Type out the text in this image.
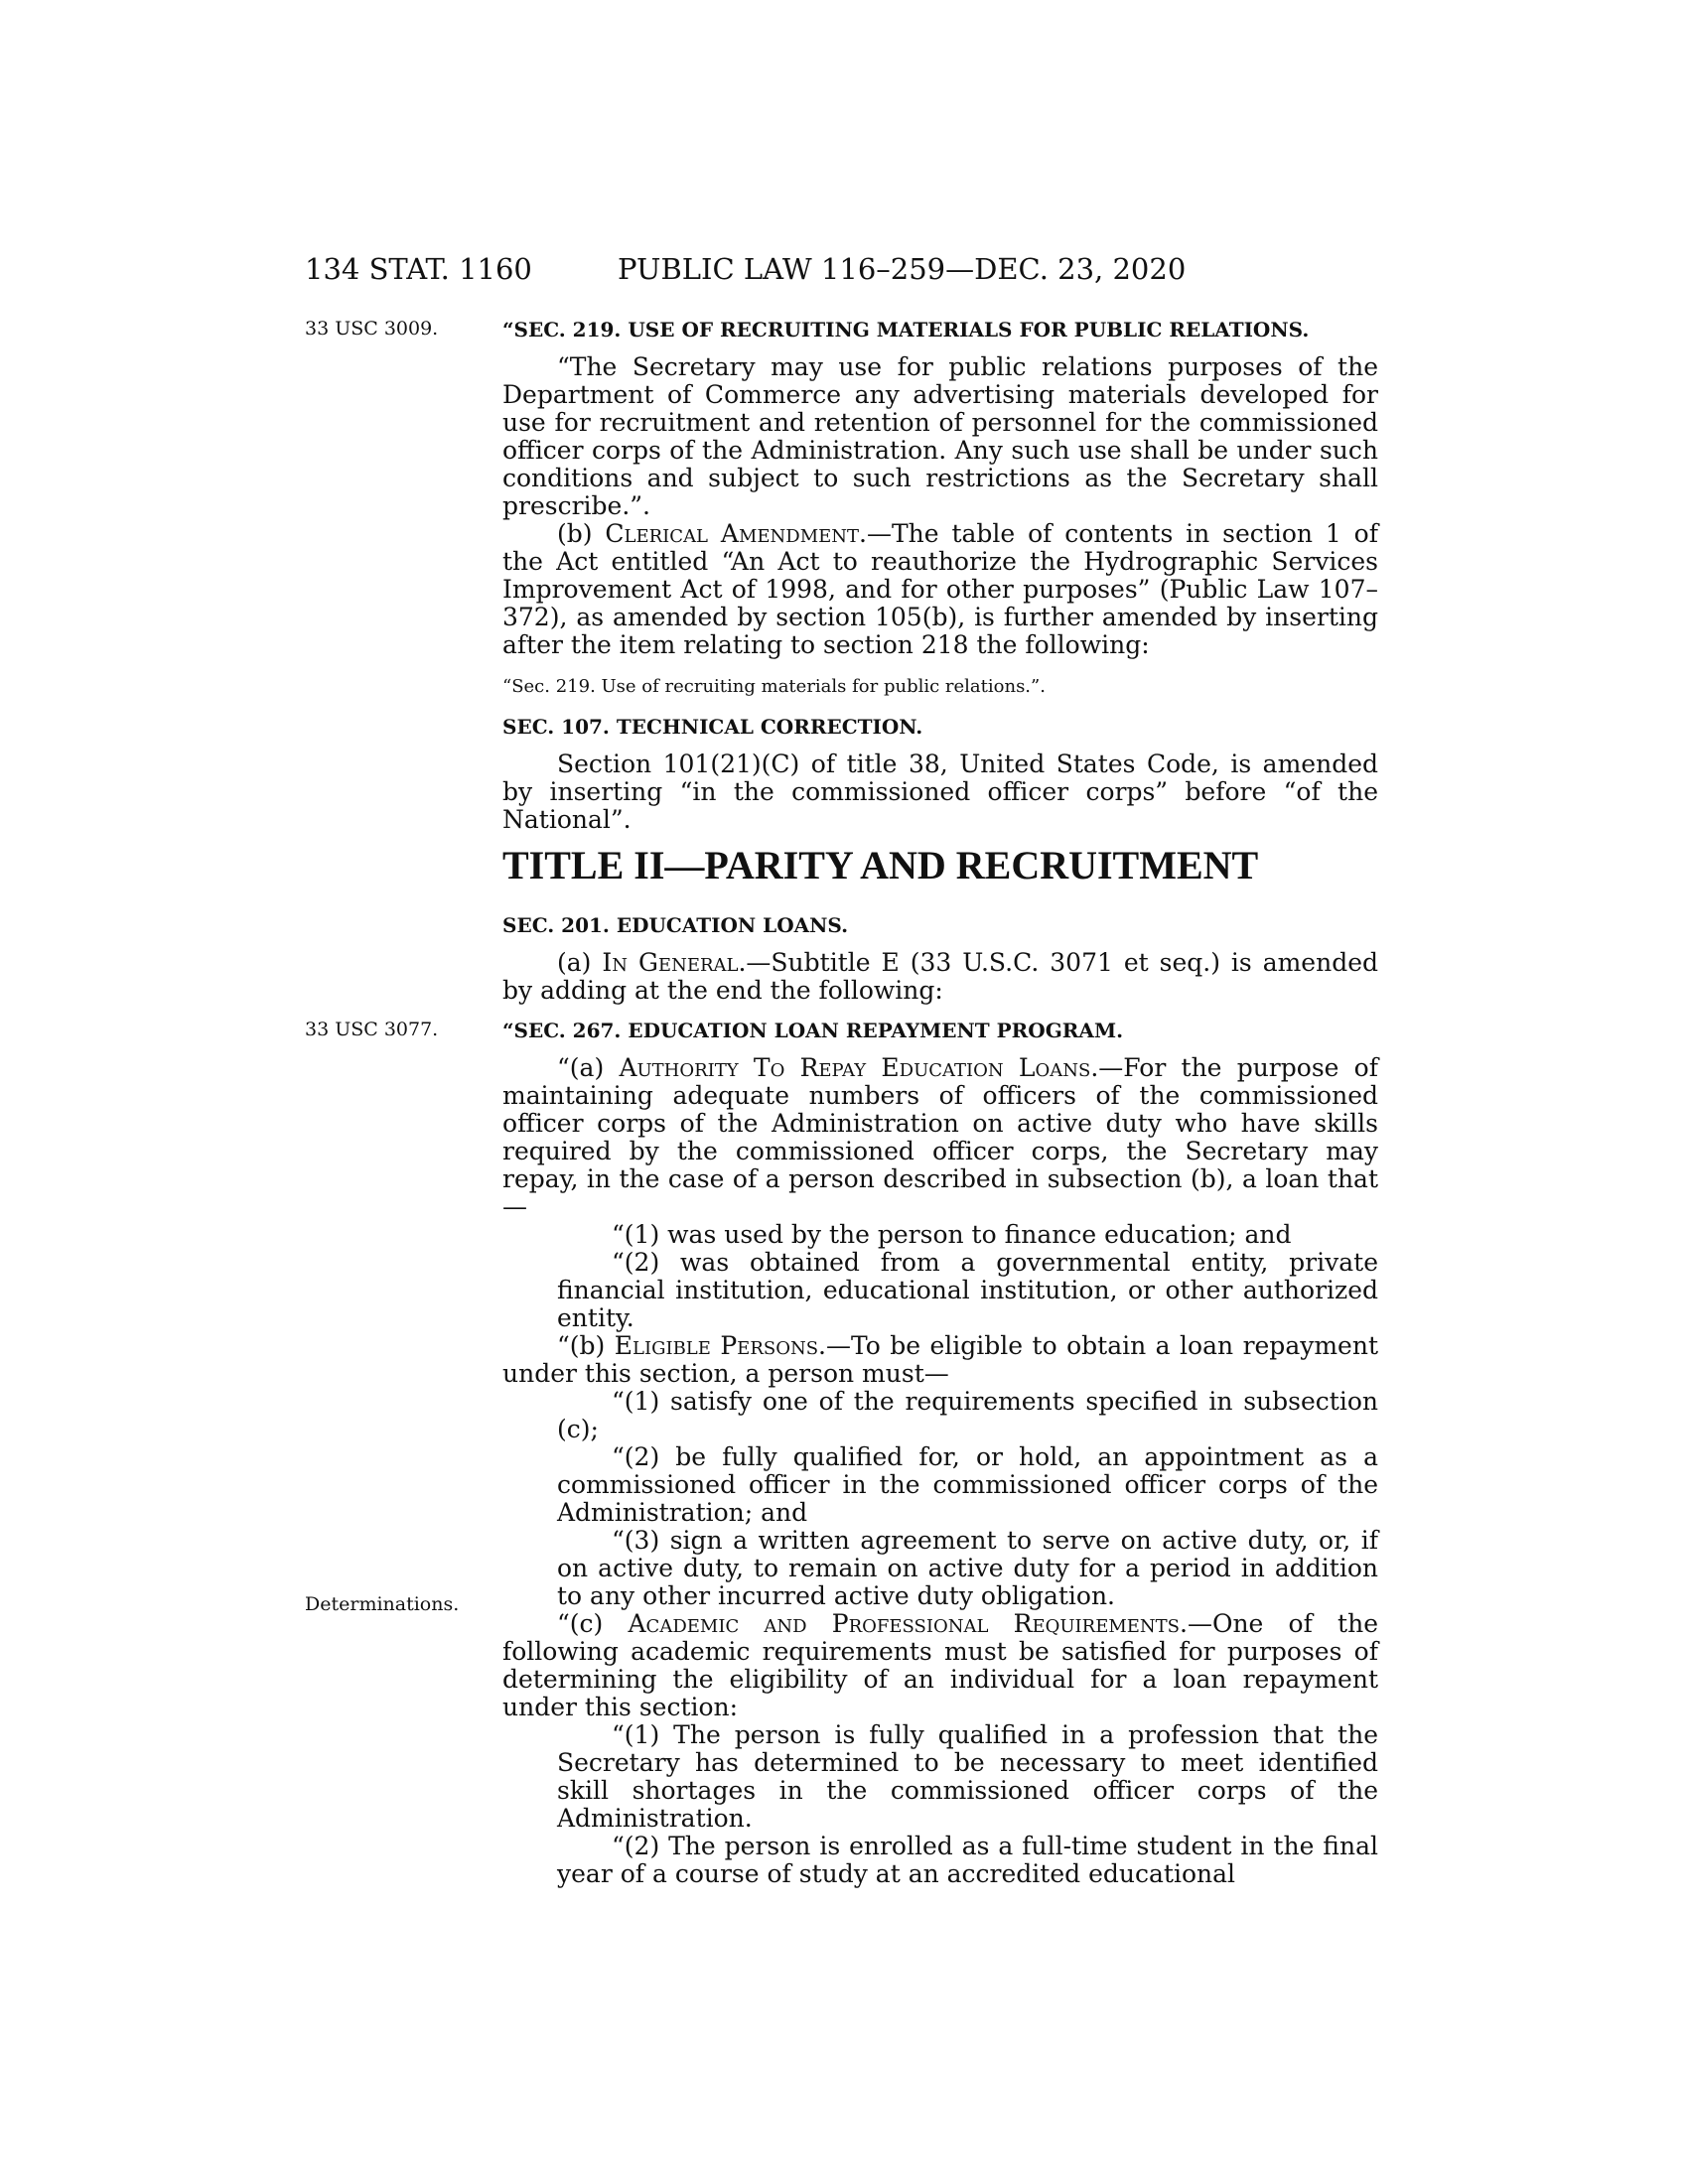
134 STAT. 1160	PUBLIC LAW 116–259—DEC. 23, 2020
33 USC 3009.
33 USC 3077.
Determinations.

“SEC. 219. USE OF RECRUITING MATERIALS FOR PUBLIC RELATIONS.

“The Secretary may use for public relations purposes of the Department of Commerce any advertising materials developed for use for recruitment and retention of personnel for the commissioned officer corps of the Administration. Any such use shall be under such conditions and subject to such restrictions as the Secretary shall prescribe.”.

(b) Clerical Amendment.—The table of contents in section 1 of the Act entitled “An Act to reauthorize the Hydrographic Services Improvement Act of 1998, and for other purposes” (Public Law 107–372), as amended by section 105(b), is further amended by inserting after the item relating to section 218 the following:

“Sec. 219. Use of recruiting materials for public relations.”.

SEC. 107. TECHNICAL CORRECTION.

Section 101(21)(C) of title 38, United States Code, is amended by inserting “in the commissioned officer corps” before “of the National”.

TITLE II—PARITY AND RECRUITMENT

SEC. 201. EDUCATION LOANS.

(a) In General.—Subtitle E (33 U.S.C. 3071 et seq.) is amended by adding at the end the following:

“SEC. 267. EDUCATION LOAN REPAYMENT PROGRAM.

“(a) Authority To Repay Education Loans.—For the purpose of maintaining adequate numbers of officers of the commissioned officer corps of the Administration on active duty who have skills required by the commissioned officer corps, the Secretary may repay, in the case of a person described in subsection (b), a loan that—

“(1) was used by the person to finance education; and

“(2) was obtained from a governmental entity, private financial institution, educational institution, or other authorized entity.

“(b) Eligible Persons.—To be eligible to obtain a loan repayment under this section, a person must—

“(1) satisfy one of the requirements specified in subsection (c);

“(2) be fully qualified for, or hold, an appointment as a commissioned officer in the commissioned officer corps of the Administration; and

“(3) sign a written agreement to serve on active duty, or, if on active duty, to remain on active duty for a period in addition to any other incurred active duty obligation.

“(c) Academic and Professional Requirements.—One of the following academic requirements must be satisfied for purposes of determining the eligibility of an individual for a loan repayment under this section:

“(1) The person is fully qualified in a profession that the Secretary has determined to be necessary to meet identified skill shortages in the commissioned officer corps of the Administration.

“(2) The person is enrolled as a full-time student in the final year of a course of study at an accredited educational
